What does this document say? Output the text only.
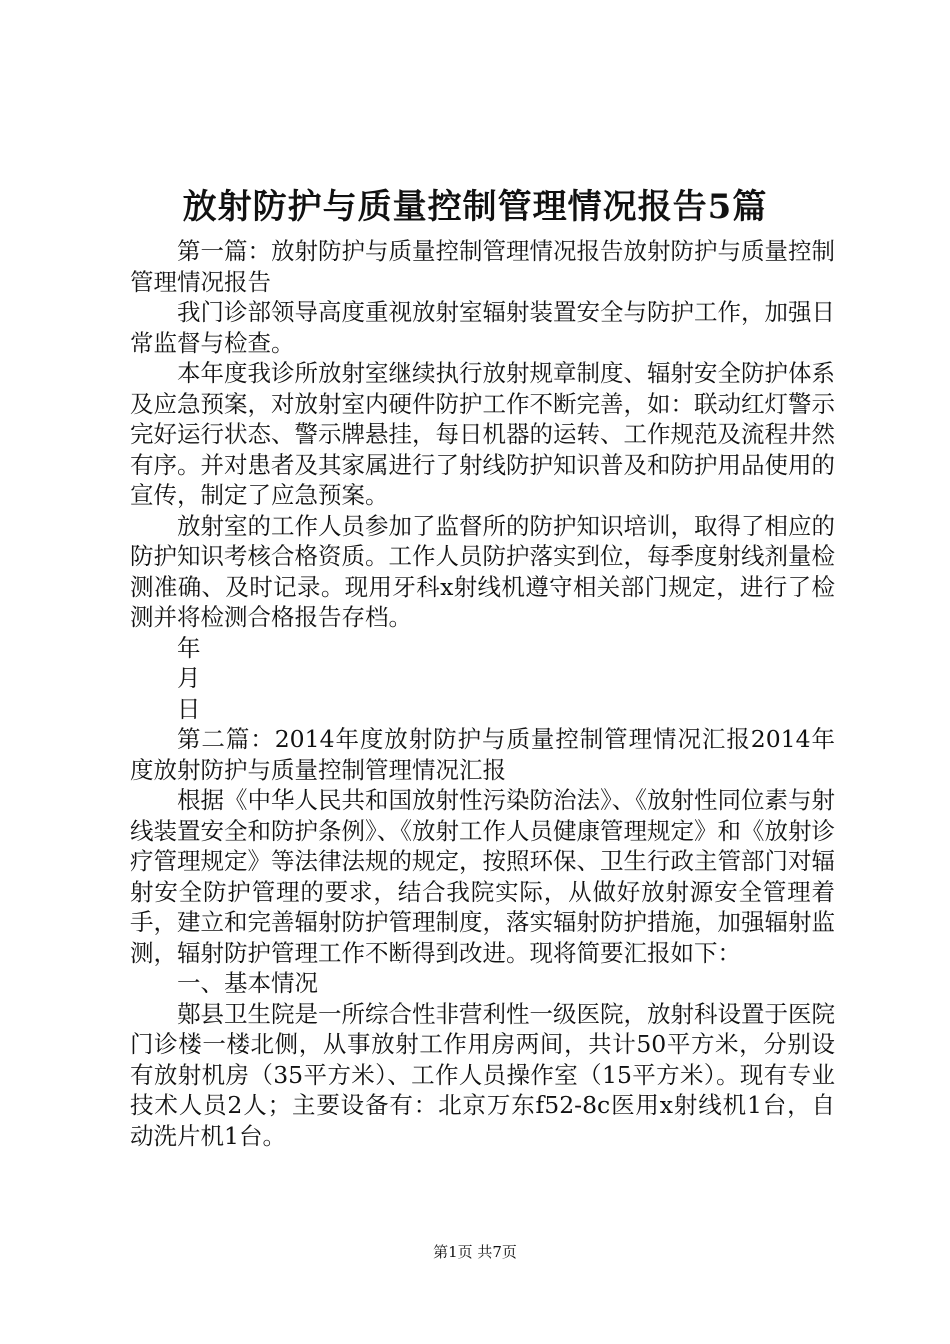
放射防护与质量控制管理情况报告5篇

第一篇：放射防护与质量控制管理情况报告放射防护与质量控制管理情况报告

我门诊部领导高度重视放射室辐射装置安全与防护工作，加强日常监督与检查。

本年度我诊所放射室继续执行放射规章制度、辐射安全防护体系及应急预案，对放射室内硬件防护工作不断完善，如：联动红灯警示完好运行状态、警示牌悬挂，每日机器的运转、工作规范及流程井然有序。并对患者及其家属进行了射线防护知识普及和防护用品使用的宣传，制定了应急预案。

放射室的工作人员参加了监督所的防护知识培训，取得了相应的防护知识考核合格资质。工作人员防护落实到位，每季度射线剂量检测准确、及时记录。现用牙科x射线机遵守相关部门规定，进行了检测并将检测合格报告存档。

年

月

日

第二篇：2014年度放射防护与质量控制管理情况汇报2014年度放射防护与质量控制管理情况汇报

根据《中华人民共和国放射性污染防治法》、《放射性同位素与射线装置安全和防护条例》、《放射工作人员健康管理规定》和《放射诊疗管理规定》等法律法规的规定，按照环保、卫生行政主管部门对辐射安全防护管理的要求，结合我院实际，从做好放射源安全管理着手，建立和完善辐射防护管理制度，落实辐射防护措施，加强辐射监测，辐射防护管理工作不断得到改进。现将简要汇报如下：

一、基本情况

鄚县卫生院是一所综合性非营利性一级医院，放射科设置于医院门诊楼一楼北侧，从事放射工作用房两间，共计50平方米，分别设有放射机房（35平方米）、工作人员操作室（15平方米）。现有专业技术人员2人；主要设备有：北京万东f52-8c医用x射线机1台，自动洗片机1台。

第1页 共7页
